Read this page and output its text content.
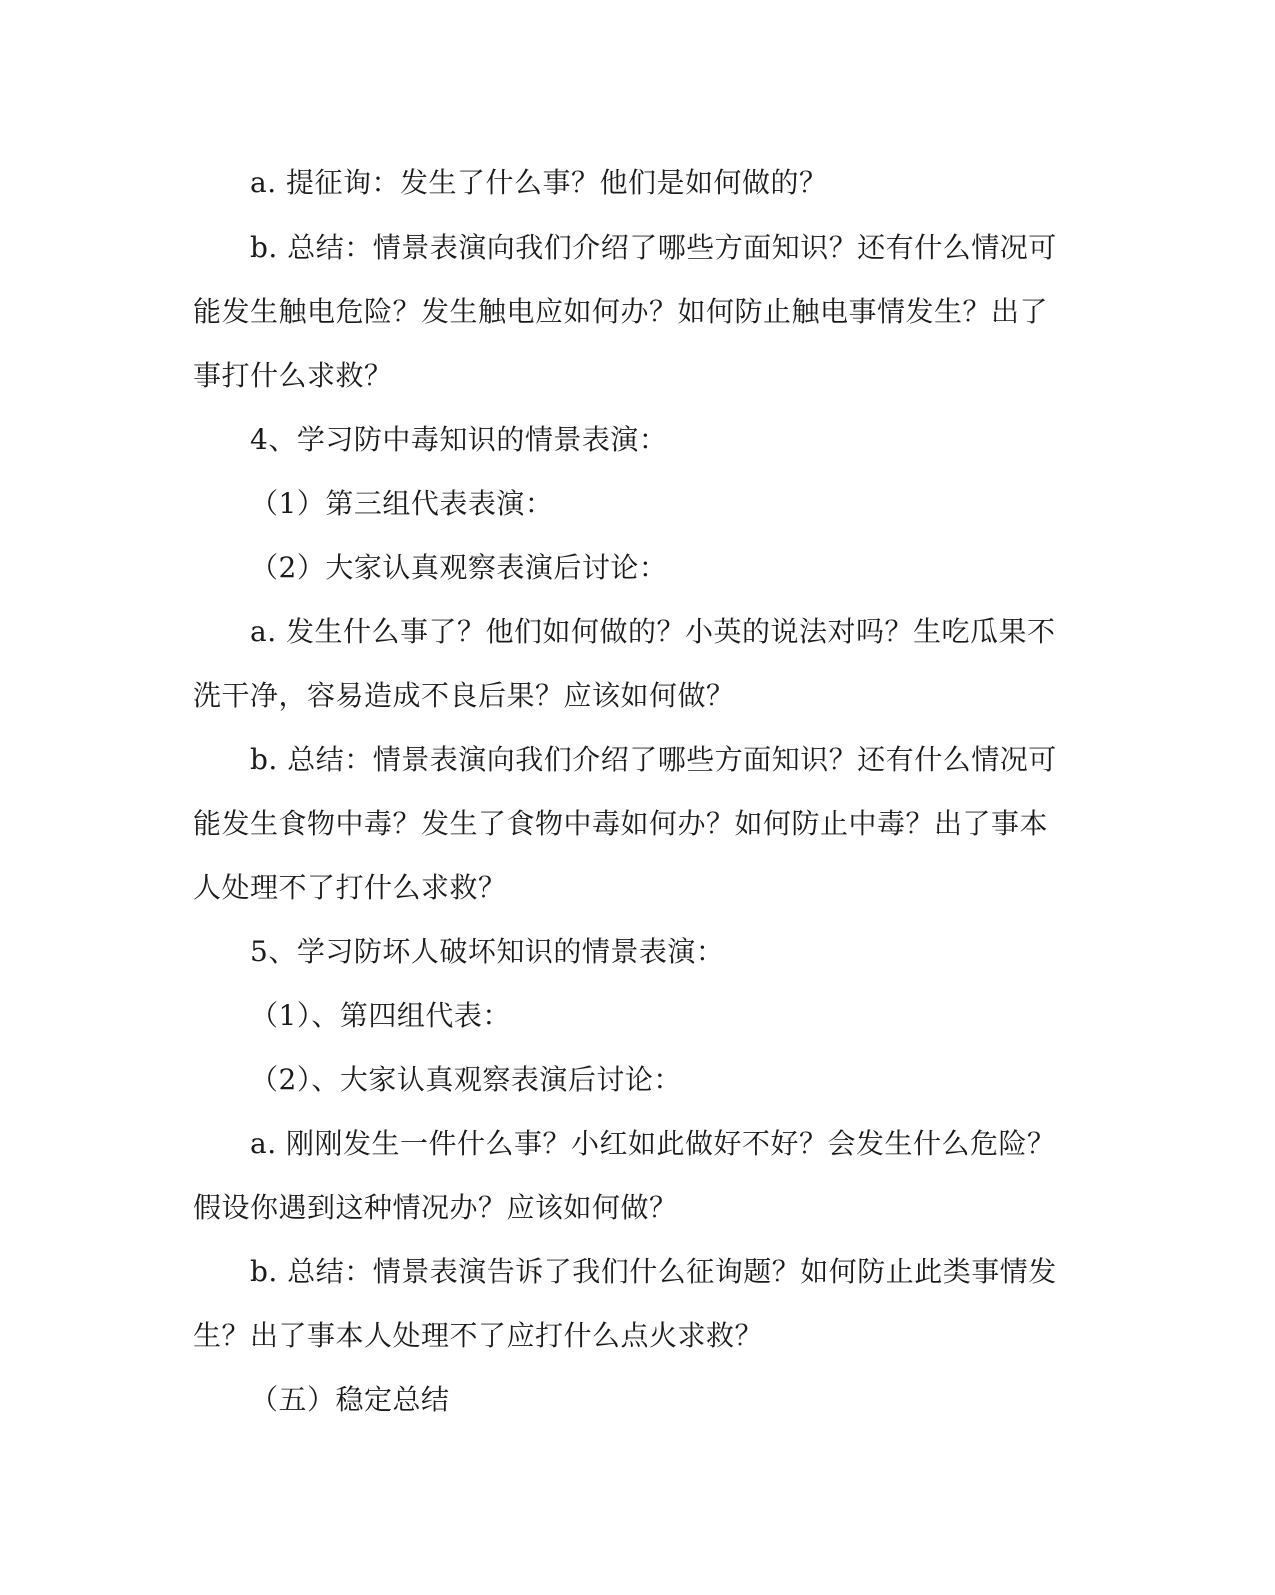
a. 提征询：发生了什么事？他们是如何做的？
b. 总结：情景表演向我们介绍了哪些方面知识？还有什么情况可
能发生触电危险？发生触电应如何办？如何防止触电事情发生？出了
事打什么求救？
4、学习防中毒知识的情景表演：
（1）第三组代表表演：
（2）大家认真观察表演后讨论：
a. 发生什么事了？他们如何做的？小英的说法对吗？生吃瓜果不
洗干净，容易造成不良后果？应该如何做？
b. 总结：情景表演向我们介绍了哪些方面知识？还有什么情况可
能发生食物中毒？发生了食物中毒如何办？如何防止中毒？出了事本
人处理不了打什么求救？
5、学习防坏人破坏知识的情景表演：
（1）、第四组代表：
（2）、大家认真观察表演后讨论：
a. 刚刚发生一件什么事？小红如此做好不好？会发生什么危险？
假设你遇到这种情况办？应该如何做？
b. 总结：情景表演告诉了我们什么征询题？如何防止此类事情发
生？出了事本人处理不了应打什么点火求救？
（五）稳定总结
